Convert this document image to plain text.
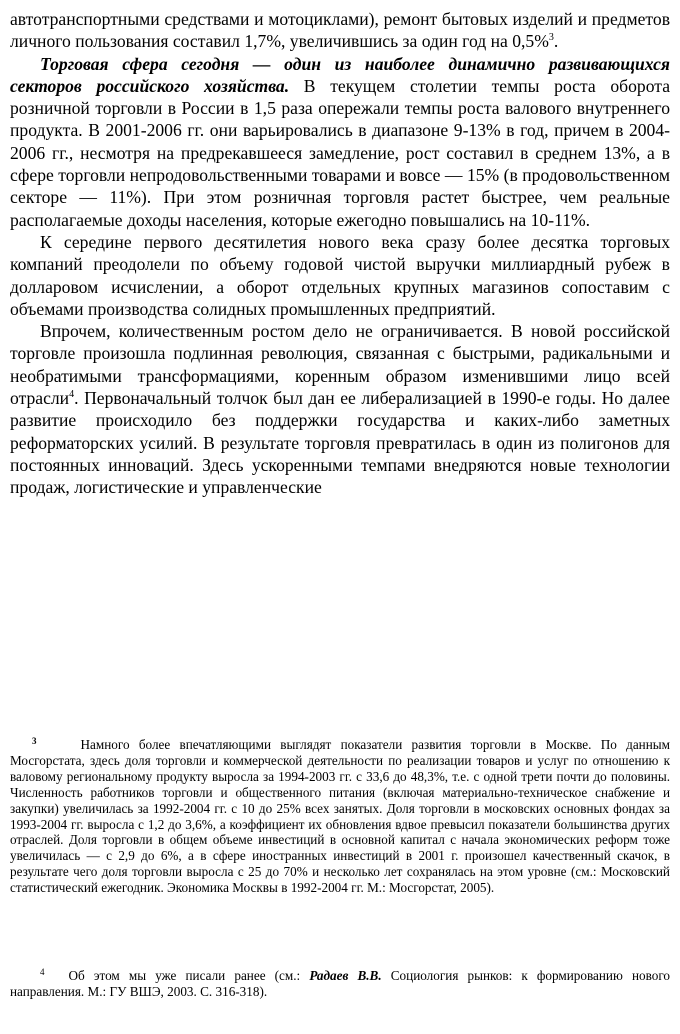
автотранспортными средствами и мотоциклами), ремонт бытовых изделий и предметов личного пользования составил 1,7%, увеличившись за один год на 0,5%$^3$.

Торговая сфера сегодня — один из наиболее динамично развивающихся секторов российского хозяйства. В текущем столетии темпы роста оборота розничной торговли в России в 1,5 раза опережали темпы роста валового внутреннего продукта. В 2001-2006 гг. они варьировались в диапазоне 9-13% в год, причем в 2004-2006 гг., несмотря на предрекавшееся замедление, рост составил в среднем 13%, а в сфере торговли непродовольственными товарами и вовсе — 15% (в продовольственном секторе — 11%). При этом розничная торговля растет быстрее, чем реальные располагаемые доходы населения, которые ежегодно повышались на 10-11%.

К середине первого десятилетия нового века сразу более десятка торговых компаний преодолели по объему годовой чистой выручки миллиардный рубеж в долларовом исчислении, а оборот отдельных крупных магазинов сопоставим с объемами производства солидных промышленных предприятий.

Впрочем, количественным ростом дело не ограничивается. В новой российской торговле произошла подлинная революция, связанная с быстрыми, радикальными и необратимыми трансформациями, коренным образом изменившими лицо всей отрасли$^4$. Первоначальный толчок был дан ее либерализацией в 1990-е годы. Но далее развитие происходило без поддержки государства и каких-либо заметных реформаторских усилий. В результате торговля превратилась в один из полигонов для постоянных инноваций. Здесь ускоренными темпами внедряются новые технологии продаж, логистические и управленческие

3	Намного более впечатляющими выглядят показатели развития торговли в Москве. По данным Мосгорстата, здесь доля торговли и коммерческой деятельности по реализации товаров и услуг по отношению к валовому региональному продукту выросла за 1994-2003 гг. с 33,6 до 48,3%, т.е. с одной трети почти до половины. Численность работников торговли и общественного питания (включая материально-техническое снабжение и закупки) увеличилась за 1992-2004 гг. с 10 до 25% всех занятых. Доля торговли в московских основных фондах за 1993-2004 гг. выросла с 1,2 до 3,6%, а коэффициент их обновления вдвое превысил показатели большинства других отраслей. Доля торговли в общем объеме инвестиций в основной капитал с начала экономических реформ тоже увеличилась — с 2,9 до 6%, а в сфере иностранных инвестиций в 2001 г. произошел качественный скачок, в результате чего доля торговли выросла с 25 до 70% и несколько лет сохранялась на этом уровне (см.: Московский статистический ежегодник. Экономика Москвы в 1992-2004 гг. М.: Мосгорстат, 2005).
4 Об этом мы уже писали ранее (см.: Радаев В.В. Социология рынков: к формированию нового направления. М.: ГУ ВШЭ, 2003. С. 316-318).
